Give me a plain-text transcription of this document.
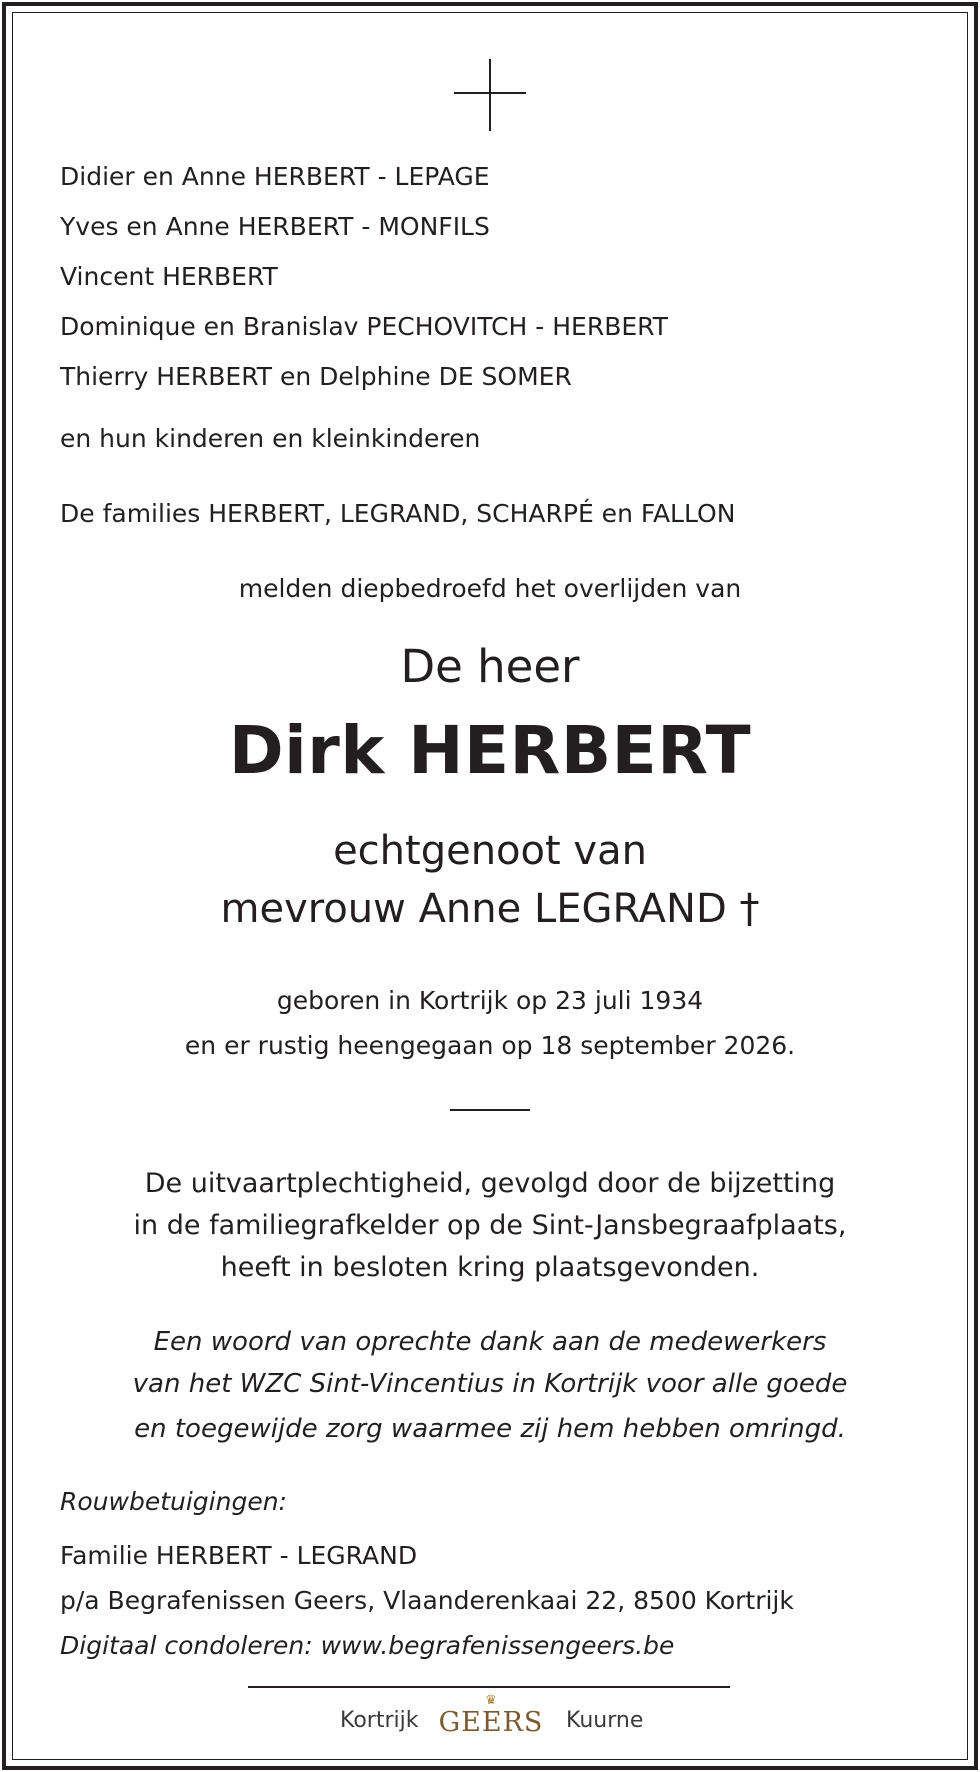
Didier en Anne HERBERT - LEPAGE
Yves en Anne HERBERT - MONFILS
Vincent HERBERT
Dominique en Branislav PECHOVITCH - HERBERT
Thierry HERBERT en Delphine DE SOMER
en hun kinderen en kleinkinderen
De families HERBERT, LEGRAND, SCHARPÉ en FALLON
melden diepbedroefd het overlijden van
De heer
Dirk HERBERT
echtgenoot van
mevrouw Anne LEGRAND †
geboren in Kortrijk op 23 juli 1934
en er rustig heengegaan op 18 september 2026.
De uitvaartplechtigheid, gevolgd door de bijzetting
in de familiegrafkelder op de Sint-Jansbegraafplaats,
heeft in besloten kring plaatsgevonden.
Een woord van oprechte dank aan de medewerkers
van het WZC Sint-Vincentius in Kortrijk voor alle goede
en toegewijde zorg waarmee zij hem hebben omringd.
Rouwbetuigingen:
Familie HERBERT - LEGRAND
p/a Begrafenissen Geers, Vlaanderenkaai 22, 8500 Kortrijk
Digitaal condoleren: www.begrafenissengeers.be
Kortrijk
♛
GEERS Kuurne
